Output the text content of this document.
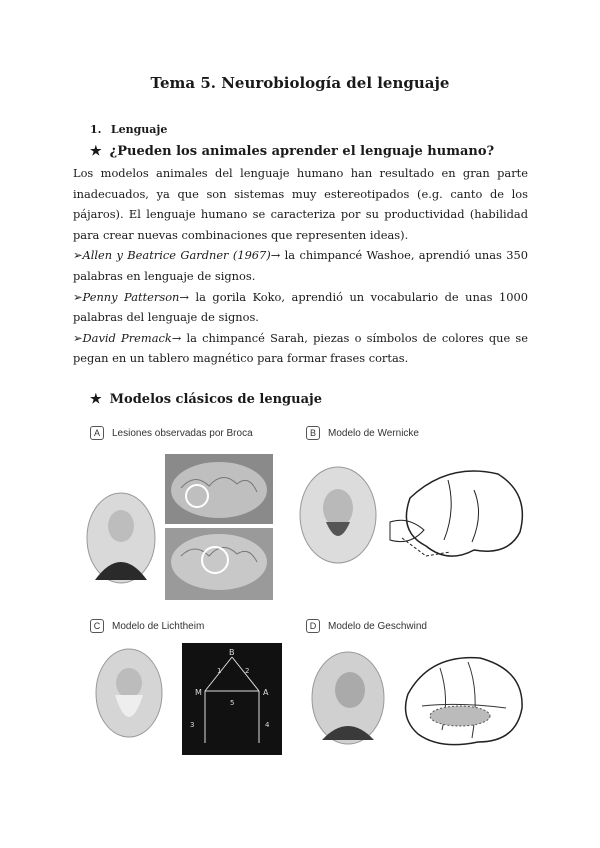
Tema 5. Neurobiología del lenguaje
1. Lenguaje
★ ¿Pueden los animales aprender el lenguaje humano?

Los modelos animales del lenguaje humano han resultado en gran parte inadecuados, ya que son sistemas muy estereotipados (e.g. canto de los pájaros). El lenguaje humano se caracteriza por su productividad (habilidad para crear nuevas combinaciones que representen ideas).

➢Allen y Beatrice Gardner (1967)→ la chimpancé Washoe, aprendió unas 350 palabras en lenguaje de signos.

➢Penny Patterson→ la gorila Koko, aprendió un vocabulario de unas 1000 palabras del lenguaje de signos.

➢David Premack→ la chimpancé Sarah, piezas o símbolos de colores que se pegan en un tablero magnético para formar frases cortas.

★ Modelos clásicos de lenguaje
A	Lesiones observadas por Broca	B	Modelo de Wernicke
C	Modelo de Lichtheim	D	Modelo de Geschwind
B
M	A
1	2
3	4
5
